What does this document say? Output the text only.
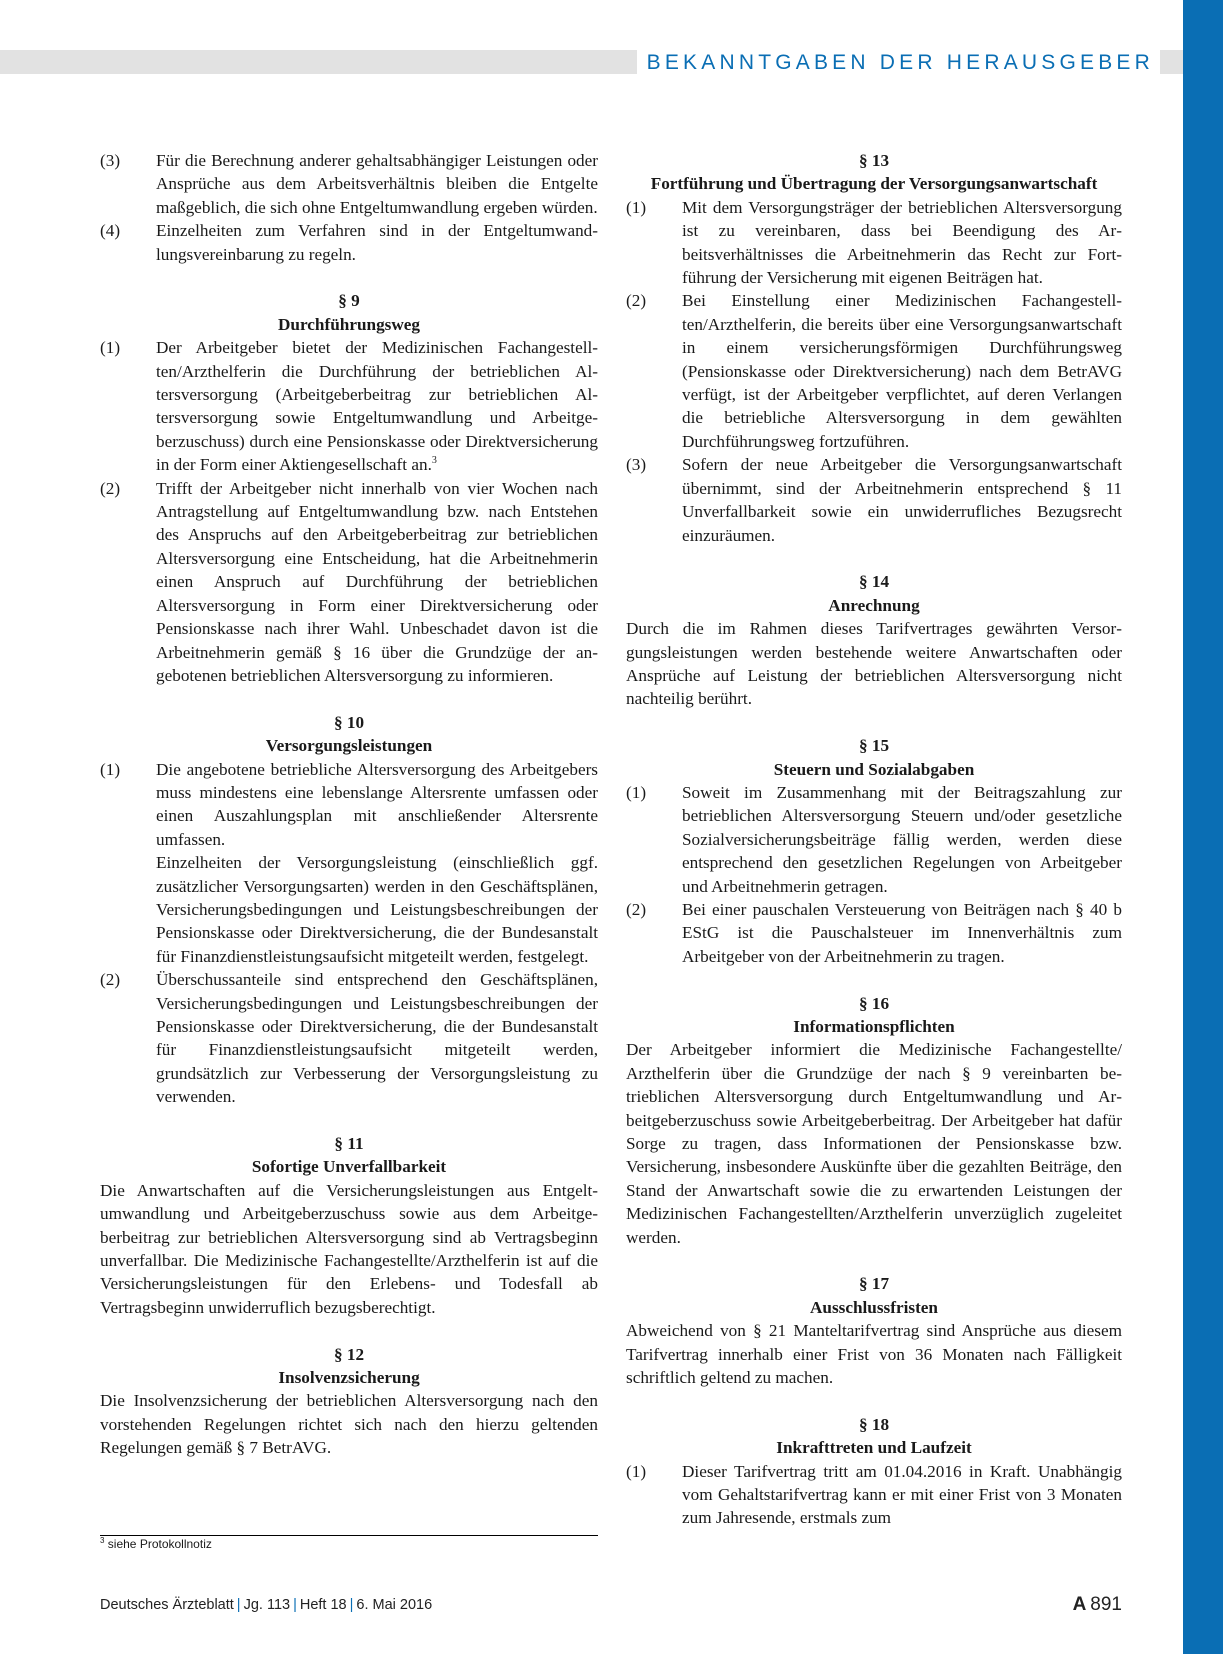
BEKANNTGABEN DER HERAUSGEBER
(3)	Für die Berechnung anderer gehaltsabhängiger Leistungen oder Ansprüche aus dem Arbeitsverhältnis bleiben die Entgelte maßgeblich, die sich ohne Entgeltumwandlung ergeben würden.
(4)	Einzelheiten zum Verfahren sind in der Entgeltumwandlungsvereinbarung zu regeln.

§ 9

Durchführungsweg

(1)	Der Arbeitgeber bietet der Medizinischen Fachangestellten/Arzthelferin die Durchführung der betrieblichen Altersversorgung (Arbeitgeberbeitrag zur betrieblichen Altersversorgung sowie Entgeltumwandlung und Arbeitgeberzuschuss) durch eine Pensionskasse oder Direktversicherung in der Form einer Aktiengesellschaft an.$^3$
(2)	Trifft der Arbeitgeber nicht innerhalb von vier Wochen nach Antragstellung auf Entgeltumwandlung bzw. nach Entstehen des Anspruchs auf den Arbeitgeberbeitrag zur betrieblichen Altersversorgung eine Entscheidung, hat die Arbeitnehmerin einen Anspruch auf Durchführung der betrieblichen Altersversorgung in Form einer Direktversicherung oder Pensionskasse nach ihrer Wahl. Unbeschadet davon ist die Arbeitnehmerin gemäß § 16 über die Grundzüge der angebotenen betrieblichen Altersversorgung zu informieren.

§ 10

Versorgungsleistungen

(1)	Die angebotene betriebliche Altersversorgung des Arbeitgebers muss mindestens eine lebenslange Altersrente umfassen oder einen Auszahlungsplan mit anschließender Altersrente umfassen.

Einzelheiten der Versorgungsleistung (einschließlich ggf. zusätzlicher Versorgungsarten) werden in den Geschäftsplänen, Versicherungsbedingungen und Leistungsbeschreibungen der Pensionskasse oder Direktversicherung, die der Bundesanstalt für Finanzdienstleistungsaufsicht mitgeteilt werden, festgelegt.

(2)	Überschussanteile sind entsprechend den Geschäftsplänen, Versicherungsbedingungen und Leistungsbeschreibungen der Pensionskasse oder Direktversicherung, die der Bundesanstalt für Finanzdienstleistungsaufsicht mitgeteilt werden, grundsätzlich zur Verbesserung der Versorgungsleistung zu verwenden.

§ 11

Sofortige Unverfallbarkeit

Die Anwartschaften auf die Versicherungsleistungen aus Entgeltumwandlung und Arbeitgeberzuschuss sowie aus dem Arbeitgeberbeitrag zur betrieblichen Altersversorgung sind ab Vertragsbeginn unverfallbar. Die Medizinische Fachangestellte/Arzthelferin ist auf die Versicherungsleistungen für den Erlebens- und Todesfall ab Vertragsbeginn unwiderruflich bezugsberechtigt.

§ 12

Insolvenzsicherung

Die Insolvenzsicherung der betrieblichen Altersversorgung nach den vorstehenden Regelungen richtet sich nach den hierzu geltenden Regelungen gemäß § 7 BetrAVG.

$^3$ siehe Protokollnotiz

§ 13

Fortführung und Übertragung der Versorgungsanwartschaft

(1)	Mit dem Versorgungsträger der betrieblichen Altersversorgung ist zu vereinbaren, dass bei Beendigung des Arbeitsverhältnisses die Arbeitnehmerin das Recht zur Fortführung der Versicherung mit eigenen Beiträgen hat.
(2)	Bei Einstellung einer Medizinischen Fachangestellten/Arzthelferin, die bereits über eine Versorgungsanwartschaft in einem versicherungsförmigen Durchführungsweg (Pensionskasse oder Direktversicherung) nach dem BetrAVG verfügt, ist der Arbeitgeber verpflichtet, auf deren Verlangen die betriebliche Altersversorgung in dem gewählten Durchführungsweg fortzuführen.
(3)	Sofern der neue Arbeitgeber die Versorgungsanwartschaft übernimmt, sind der Arbeitnehmerin entsprechend § 11 Unverfallbarkeit sowie ein unwiderrufliches Bezugsrecht einzuräumen.

§ 14

Anrechnung

Durch die im Rahmen dieses Tarifvertrages gewährten Versorgungsleistungen werden bestehende weitere Anwartschaften oder Ansprüche auf Leistung der betrieblichen Altersversorgung nicht nachteilig berührt.

§ 15

Steuern und Sozialabgaben

(1)	Soweit im Zusammenhang mit der Beitragszahlung zur betrieblichen Altersversorgung Steuern und/oder gesetzliche Sozialversicherungsbeiträge fällig werden, werden diese entsprechend den gesetzlichen Regelungen von Arbeitgeber und Arbeitnehmerin getragen.
(2)	Bei einer pauschalen Versteuerung von Beiträgen nach § 40 b EStG ist die Pauschalsteuer im Innenverhältnis zum Arbeitgeber von der Arbeitnehmerin zu tragen.

§ 16

Informationspflichten

Der Arbeitgeber informiert die Medizinische Fachangestellte/ Arzthelferin über die Grundzüge der nach § 9 vereinbarten betrieblichen Altersversorgung durch Entgeltumwandlung und Arbeitgeberzuschuss sowie Arbeitgeberbeitrag. Der Arbeitgeber hat dafür Sorge zu tragen, dass Informationen der Pensionskasse bzw. Versicherung, insbesondere Auskünfte über die gezahlten Beiträge, den Stand der Anwartschaft sowie die zu erwartenden Leistungen der Medizinischen Fachangestellten/Arzthelferin unverzüglich zugeleitet werden.

§ 17

Ausschlussfristen

Abweichend von § 21 Manteltarifvertrag sind Ansprüche aus diesem Tarifvertrag innerhalb einer Frist von 36 Monaten nach Fälligkeit schriftlich geltend zu machen.

§ 18

Inkrafttreten und Laufzeit

(1)	Dieser Tarifvertrag tritt am 01.04.2016 in Kraft. Unabhängig vom Gehaltstarifvertrag kann er mit einer Frist von 3 Monaten zum Jahresende, erstmals zum
Deutsches Ärzteblatt | Jg. 113 | Heft 18 | 6. Mai 2016	A 891
